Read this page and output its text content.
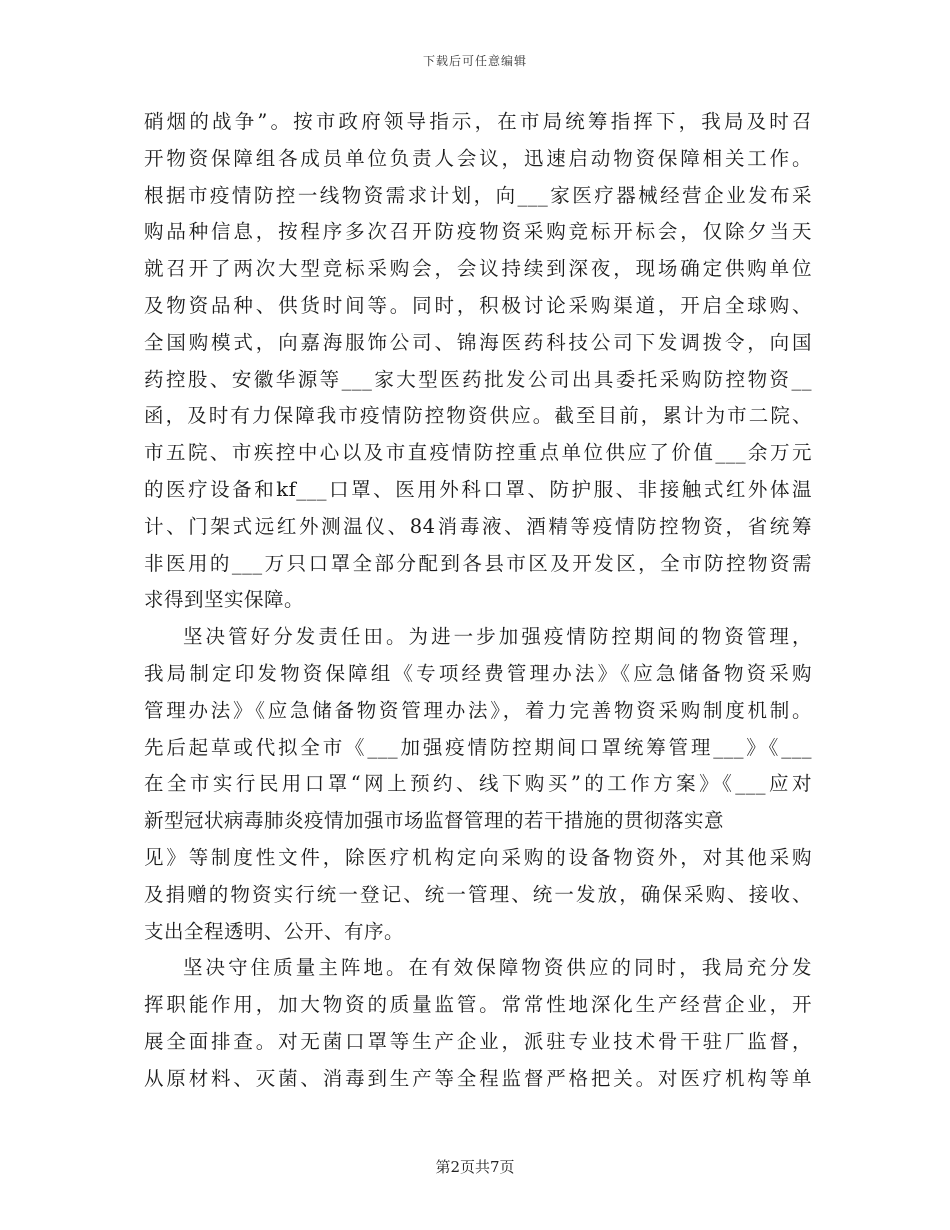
下载后可任意编辑
硝烟的战争”。按市政府领导指示，在市局统筹指挥下，我局及时召
开物资保障组各成员单位负责人会议，迅速启动物资保障相关工作。
根据市疫情防控一线物资需求计划，向___家医疗器械经营企业发布采
购品种信息，按程序多次召开防疫物资采购竞标开标会，仅除夕当天
就召开了两次大型竞标采购会，会议持续到深夜，现场确定供购单位
及物资品种、供货时间等。同时，积极讨论采购渠道，开启全球购、
全国购模式，向嘉海服饰公司、锦海医药科技公司下发调拨令，向国
药控股、安徽华源等___家大型医药批发公司出具委托采购防控物资__
函，及时有力保障我市疫情防控物资供应。截至目前，累计为市二院、
市五院、市疾控中心以及市直疫情防控重点单位供应了价值___余万元
的医疗设备和kf___口罩、医用外科口罩、防护服、非接触式红外体温
计、门架式远红外测温仪、84消毒液、酒精等疫情防控物资，省统筹
非医用的___万只口罩全部分配到各县市区及开发区，全市防控物资需
求得到坚实保障。
坚决管好分发责任田。为进一步加强疫情防控期间的物资管理，
我局制定印发物资保障组《专项经费管理办法》《应急储备物资采购
管理办法》《应急储备物资管理办法》，着力完善物资采购制度机制。
先后起草或代拟全市《___加强疫情防控期间口罩统筹管理___》《___
在全市实行民用口罩“网上预约、线下购买”的工作方案》《___应对
新型冠状病毒肺炎疫情加强市场监督管理的若干措施的贯彻落实意
见》等制度性文件，除医疗机构定向采购的设备物资外，对其他采购
及捐赠的物资实行统一登记、统一管理、统一发放，确保采购、接收、
支出全程透明、公开、有序。
坚决守住质量主阵地。在有效保障物资供应的同时，我局充分发
挥职能作用，加大物资的质量监管。常常性地深化生产经营企业，开
展全面排查。对无菌口罩等生产企业，派驻专业技术骨干驻厂监督，
从原材料、灭菌、消毒到生产等全程监督严格把关。对医疗机构等单
第2页共7页
